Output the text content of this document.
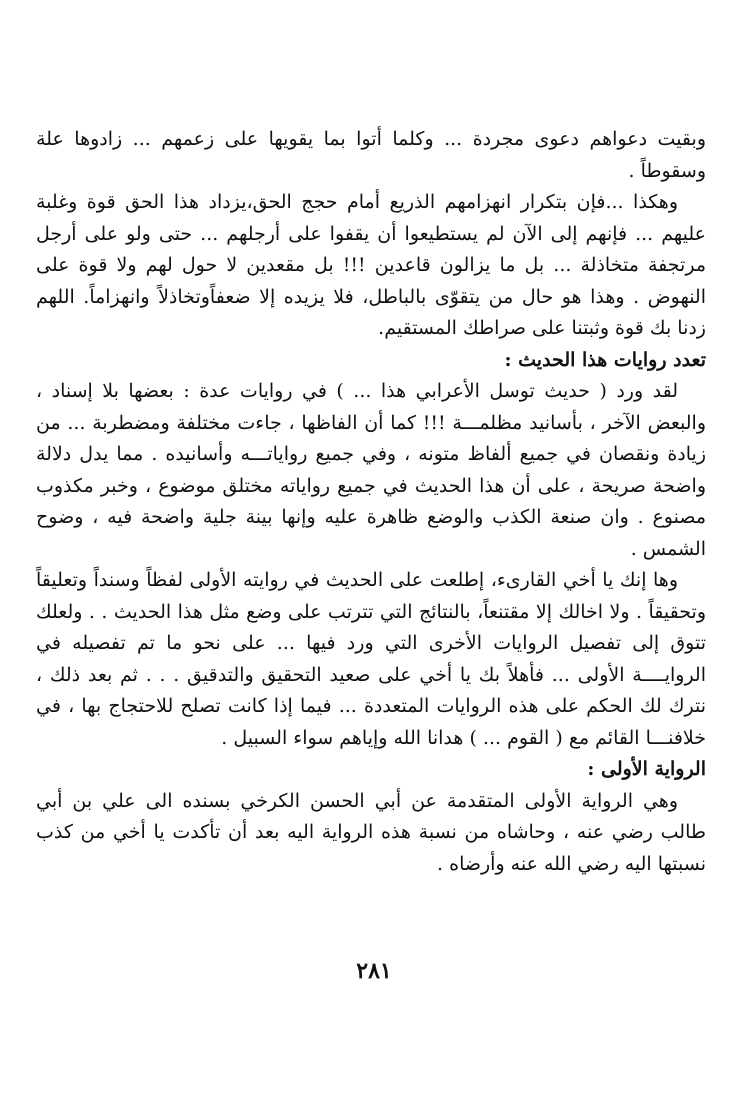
وبقيت دعواهم دعوى مجردة ... وكلما أتوا بما يقويها على زعمهم ... زادوها علة وسقوطاً .

وهكذا ...فإن بتكرار انهزامهم الذريع أمام حجج الحق،يزداد هذا الحق قوة وغلبة عليهم ... فإنهم إلى الآن لم يستطيعوا أن يقفوا على أرجلهم ... حتى ولو على أرجل مرتجفة متخاذلة ... بل ما يزالون قاعدين !!! بل مقعدين لا حول لهم ولا قوة على النهوض . وهذا هو حال من يتقوّى بالباطل، فلا يزيده إلا ضعفاًوتخاذلاً وانهزاماً. اللهم زدنا بك قوة وثبتنا على صراطك المستقيم.

تعدد روايات هذا الحديث :

لقد ورد ( حديث توسل الأعرابي هذا ... ) في روايات عدة : بعضها بلا إسناد ، والبعض الآخر ، بأسانيد مظلمـــة !!! كما أن الفاظها ، جاءت مختلفة ومضطربة ... من زيادة ونقصان في جميع ألفاظ متونه ، وفي جميع رواياتـــه وأسانيده . مما يدل دلالة واضحة صريحة ، على أن هذا الحديث في جميع رواياته مختلق موضوع ، وخبر مكذوب مصنوع . وان صنعة الكذب والوضع ظاهرة عليه وإنها بينة جلية واضحة فيه ، وضوح الشمس .

وها إنك يا أخي القارىء، إطلعت على الحديث في روايته الأولى لفظاً وسنداً وتعليقاً وتحقيقاً . ولا اخالك إلا مقتنعاً، بالنتائج التي تترتب على وضع مثل هذا الحديث . . ولعلك تتوق إلى تفصيل الروايات الأخرى التي ورد فيها ... على نحو ما تم تفصيله في الروايــــة الأولى ... فأهلاً بك يا أخي على صعيد التحقيق والتدقيق . . . ثم بعد ذلك ، نترك لك الحكم على هذه الروايات المتعددة ... فيما إذا كانت تصلح للاحتجاج بها ، في خلافنـــا القائم مع ( القوم ... ) هدانا الله وإياهم سواء السبيل .

الرواية الأولى :

وهي الرواية الأولى المتقدمة عن أبي الحسن الكرخي بسنده الى علي بن أبي طالب رضي عنه ، وحاشاه من نسبة هذه الرواية اليه بعد أن تأكدت يا أخي من كذب نسبتها اليه رضي الله عنه وأرضاه .

٢٨١
